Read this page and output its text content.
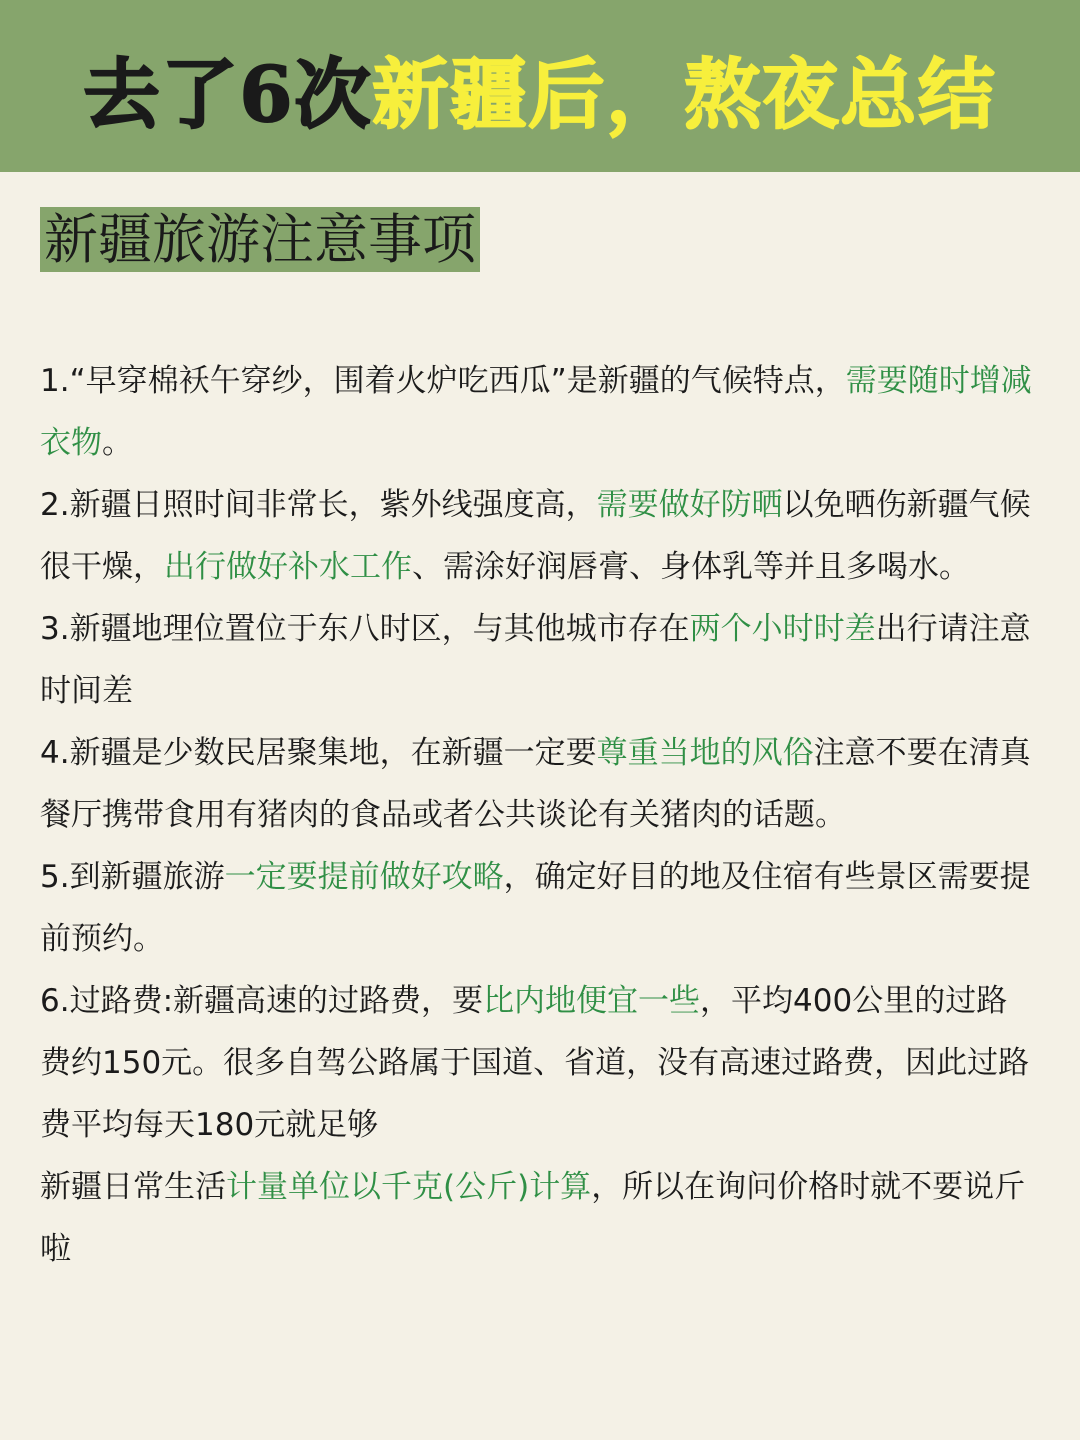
去了6次新疆后，熬夜总结
新疆旅游注意事项

1.“早穿棉袄午穿纱，围着火炉吃西瓜”是新疆的气候特点，需要随时增减衣物。

2.新疆日照时间非常长，紫外线强度高，需要做好防晒以免晒伤新疆气候很干燥，出行做好补水工作、需涂好润唇膏、身体乳等并且多喝水。

3.新疆地理位置位于东八时区，与其他城市存在两个小时时差出行请注意时间差

4.新疆是少数民居聚集地，在新疆一定要尊重当地的风俗注意不要在清真餐厅携带食用有猪肉的食品或者公共谈论有关猪肉的话题。

5.到新疆旅游一定要提前做好攻略，确定好目的地及住宿有些景区需要提前预约。

6.过路费:新疆高速的过路费，要比内地便宜一些，平均400公里的过路费约150元。很多自驾公路属于国道、省道，没有高速过路费，因此过路费平均每天180元就足够

新疆日常生活计量单位以千克(公斤)计算，所以在询问价格时就不要说斤啦
